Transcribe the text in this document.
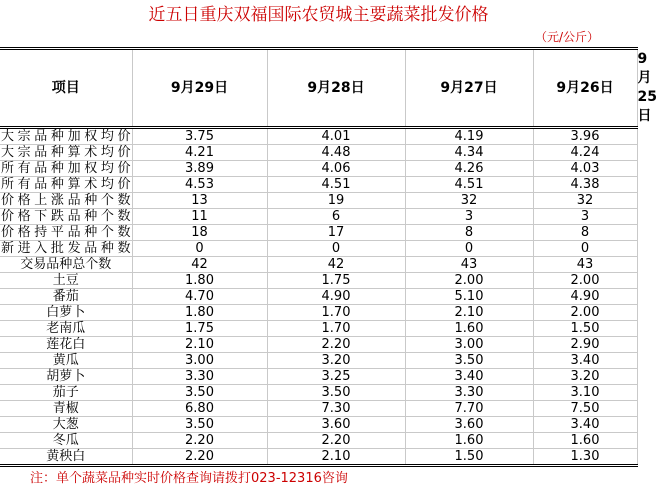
近五日重庆双福国际农贸城主要蔬菜批发价格
（元/公斤）
项目	9月29日	9月28日	9月27日	9月26日	9月25日
大宗品种加权均价	3.75	4.01	4.19	3.96	
大宗品种算术均价	4.21	4.48	4.34	4.24	
所有品种加权均价	3.89	4.06	4.26	4.03	
所有品种算术均价	4.53	4.51	4.51	4.38	
价格上涨品种个数	13	19	32	32	
价格下跌品种个数	11	6	3	3	
价格持平品种个数	18	17	8	8	
新进入批发品种数	0	0	0	0	
交易品种总个数	42	42	43	43	
土豆	1.80	1.75	2.00	2.00	
番茄	4.70	4.90	5.10	4.90	
白萝卜	1.80	1.70	2.10	2.00	
老南瓜	1.75	1.70	1.60	1.50	
莲花白	2.10	2.20	3.00	2.90	
黄瓜	3.00	3.20	3.50	3.40	
胡萝卜	3.30	3.25	3.40	3.20	
茄子	3.50	3.50	3.30	3.10	
青椒	6.80	7.30	7.70	7.50	
大葱	3.50	3.60	3.60	3.40	
冬瓜	2.20	2.20	1.60	1.60	
黄秧白	2.20	2.10	1.50	1.30	
注：单个蔬菜品种实时价格查询请拨打023-12316咨询
